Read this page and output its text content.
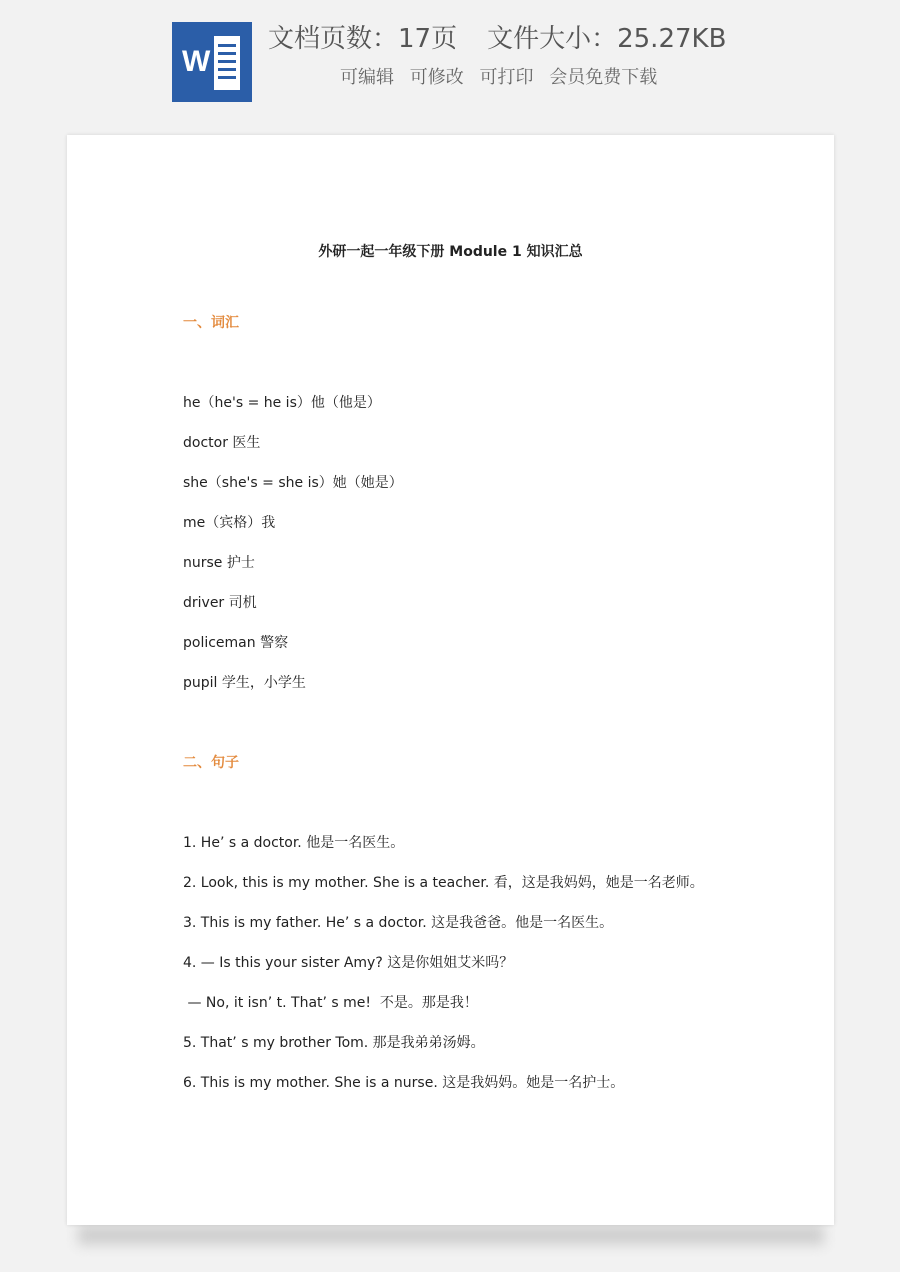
W
文档页数：17页 文件大小：25.27KB
可编辑 可修改 可打印 会员免费下载
外研一起一年级下册 Module 1 知识汇总
一、词汇
he（he's = he is）他（他是）
doctor 医生
she（she's = she is）她（她是）
me（宾格）我
nurse 护士
driver 司机
policeman 警察
pupil 学生，小学生
二、句子
1. He’ s a doctor. 他是一名医生。
2. Look, this is my mother. She is a teacher. 看，这是我妈妈，她是一名老师。
3. This is my father. He’ s a doctor. 这是我爸爸。他是一名医生。
4. — Is this your sister Amy? 这是你姐姐艾米吗？
— No, it isn’ t. That’ s me!  不是。那是我！
5. That’ s my brother Tom. 那是我弟弟汤姆。
6. This is my mother. She is a nurse. 这是我妈妈。她是一名护士。
